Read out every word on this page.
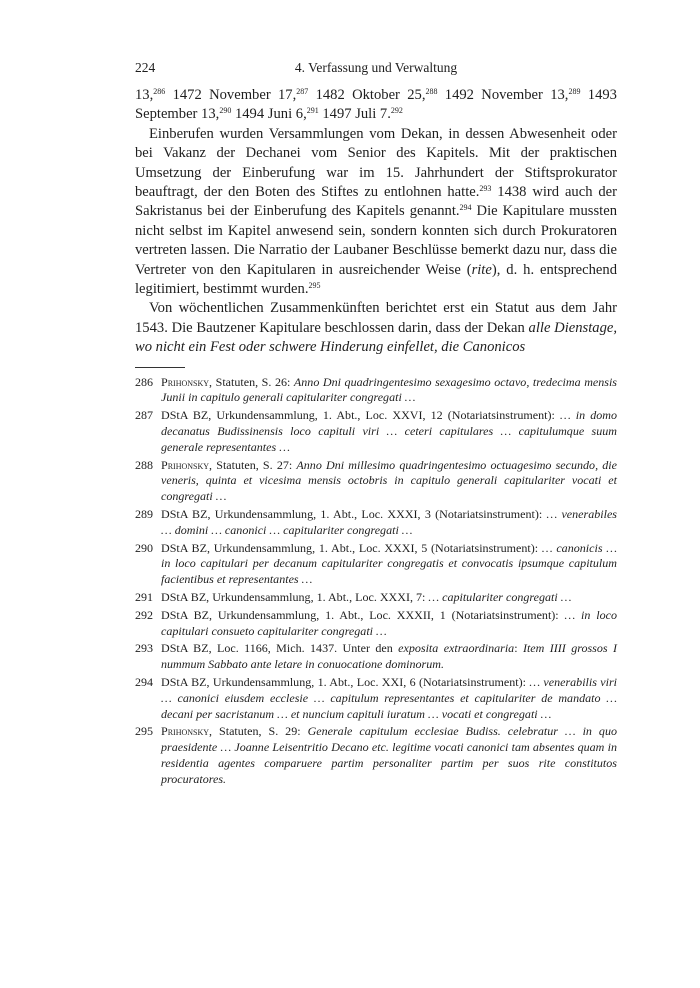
224	4. Verfassung und Verwaltung

13,$^{286}$ 1472 November 17,$^{287}$ 1482 Oktober 25,$^{288}$ 1492 November 13,$^{289}$ 1493 September 13,$^{290}$ 1494 Juni 6,$^{291}$ 1497 Juli 7.$^{292}$

Einberufen wurden Versammlungen vom Dekan, in dessen Abwesenheit oder bei Vakanz der Dechanei vom Senior des Kapitels. Mit der praktischen Umsetzung der Einberufung war im 15. Jahrhundert der Stiftsprokurator beauftragt, der den Boten des Stiftes zu entlohnen hatte.$^{293}$ 1438 wird auch der Sakristanus bei der Einberufung des Kapitels genannt.$^{294}$ Die Kapitulare mussten nicht selbst im Kapitel anwesend sein, sondern konnten sich durch Prokuratoren vertreten lassen. Die Narratio der Laubaner Beschlüsse bemerkt dazu nur, dass die Vertreter von den Kapitularen in ausreichender Weise (rite), d. h. entsprechend legitimiert, bestimmt wurden.$^{295}$

Von wöchentlichen Zusammenkünften berichtet erst ein Statut aus dem Jahr 1543. Die Bautzener Kapitulare beschlossen darin, dass der Dekan alle Dienstage, wo nicht ein Fest oder schwere Hinderung einfellet, die Canonicos

286 Prihonsky, Statuten, S. 26: Anno Dni quadringentesimo sexagesimo octavo, tredecima mensis Junii in capitulo generali capitulariter congregati …
287 DStA BZ, Urkundensammlung, 1. Abt., Loc. XXVI, 12 (Notariatsinstrument): … in domo decanatus Budissinensis loco capituli viri … ceteri capitulares … capitulumque suum generale representantes …
288 Prihonsky, Statuten, S. 27: Anno Dni millesimo quadringentesimo octuagesimo secundo, die veneris, quinta et vicesima mensis octobris in capitulo generali capitulariter vocati et congregati …
289 DStA BZ, Urkundensammlung, 1. Abt., Loc. XXXI, 3 (Notariatsinstrument): … venerabiles … domini … canonici … capitulariter congregati …
290 DStA BZ, Urkundensammlung, 1. Abt., Loc. XXXI, 5 (Notariatsinstrument): … canonicis … in loco capitulari per decanum capitulariter congregatis et convocatis ipsumque capitulum facientibus et representantes …
291 DStA BZ, Urkundensammlung, 1. Abt., Loc. XXXI, 7: … capitulariter congregati …
292 DStA BZ, Urkundensammlung, 1. Abt., Loc. XXXII, 1 (Notariatsinstrument): … in loco capitulari consueto capitulariter congregati …
293 DStA BZ, Loc. 1166, Mich. 1437. Unter den exposita extraordinaria: Item IIII grossos I nummum Sabbato ante letare in conuocatione dominorum.
294 DStA BZ, Urkundensammlung, 1. Abt., Loc. XXI, 6 (Notariatsinstrument): … venerabilis viri … canonici eiusdem ecclesie … capitulum representantes et capitulariter de mandato … decani per sacristanum … et nuncium capituli iuratum … vocati et congregati …
295 Prihonsky, Statuten, S. 29: Generale capitulum ecclesiae Budiss. celebratur … in quo praesidente … Joanne Leisentritio Decano etc. legitime vocati canonici tam absentes quam in residentia agentes comparuere partim personaliter partim per suos rite constitutos procuratores.
